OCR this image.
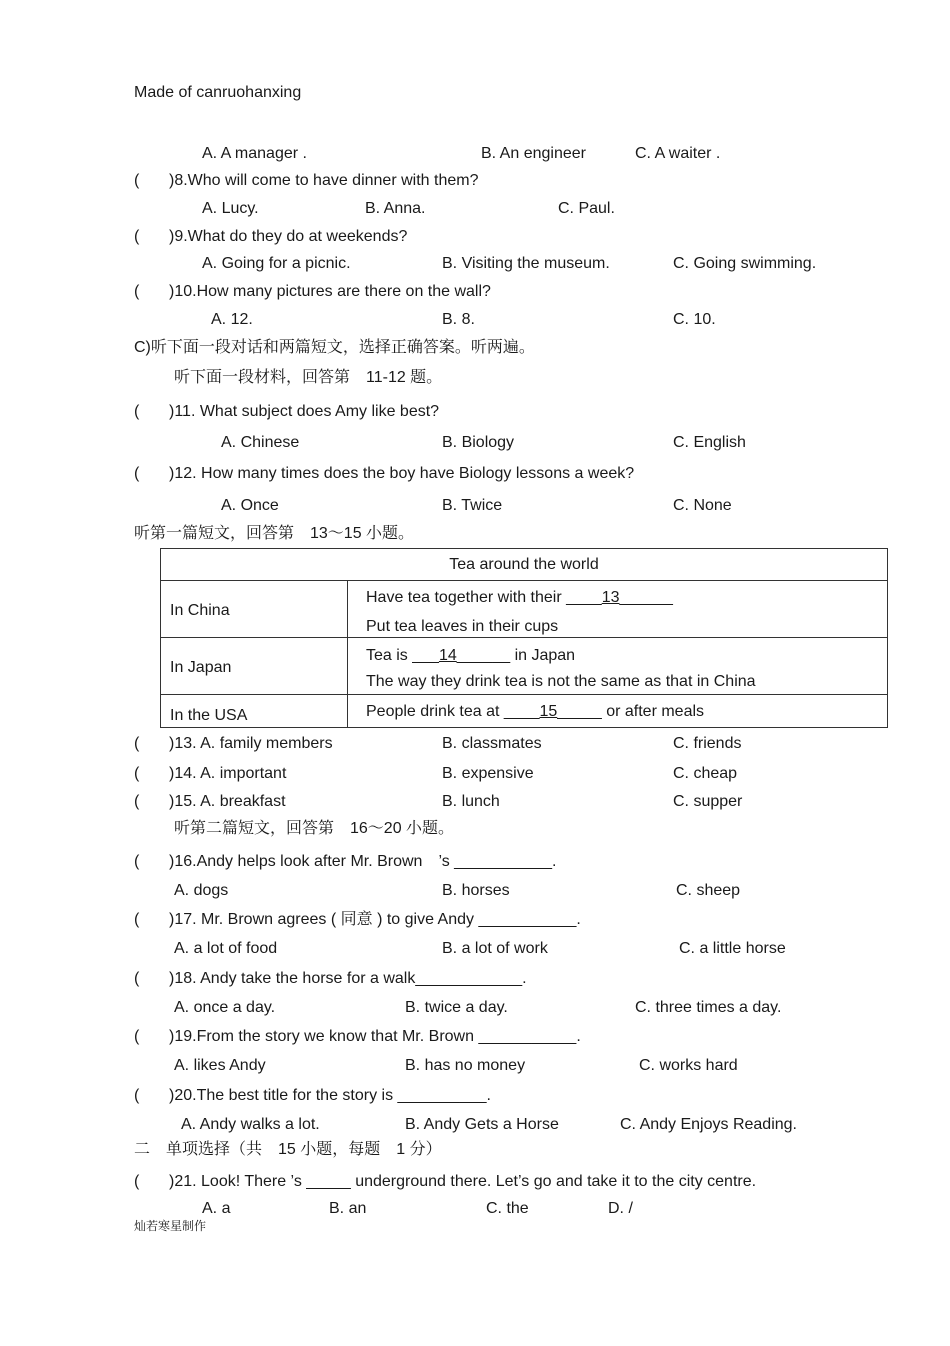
Made of canruohanxing
A. A manager .	B. An engineer	C. A waiter .
( )8.Who will come to have dinner with them?
A. Lucy.	B. Anna.	C. Paul.
( )9.What do they do at weekends?
A. Going for a picnic.	B. Visiting the museum.	C. Going swimming.
( )10.How many pictures are there on the wall?
A. 12.	B. 8.	C. 10.
C)听下面一段对话和两篇短文，选择正确答案。听两遍。
听下面一段材料，回答第　11-12 题。
( )11. What subject does Amy like best?
A. Chinese	B. Biology	C. English
( )12. How many times does the boy have Biology lessons a week?
A. Once	B. Twice	C. None
听第一篇短文，回答第　13～15 小题。
Tea around the world	

In China	Have tea together with their ____13______
Put tea leaves in their cups

In Japan	Tea is ___14______ in Japan
The way they drink tea is not the same as that in China

In the USA	People drink tea at ____15_____ or after meals
( )13. A. family members	B. classmates	C. friends
( )14. A. important	B. expensive	C. cheap
( )15. A. breakfast	B. lunch	C. supper
听第二篇短文，回答第　16～20 小题。
( )16.Andy helps look after Mr. Brown　’s ___________.
A. dogs	B. horses	C. sheep
( )17. Mr. Brown agrees ( 同意 ) to give Andy ___________.
A. a lot of food	B. a lot of work	C. a little horse
( )18. Andy take the horse for a walk____________.
A. once a day.	B. twice a day.	C. three times a day.
( )19.From the story we know that Mr. Brown ___________.
A. likes Andy	B. has no money	C. works hard
( )20.The best title for the story is __________.
A. Andy walks a lot.	B. Andy Gets a Horse	C. Andy Enjoys Reading.
二　单项选择（共　15 小题，每题　1 分）
( )21. Look! There ’s _____ underground there. Let’s go and take it to the city centre.
A. a	B. an	C. the	D. /
灿若寒星制作
